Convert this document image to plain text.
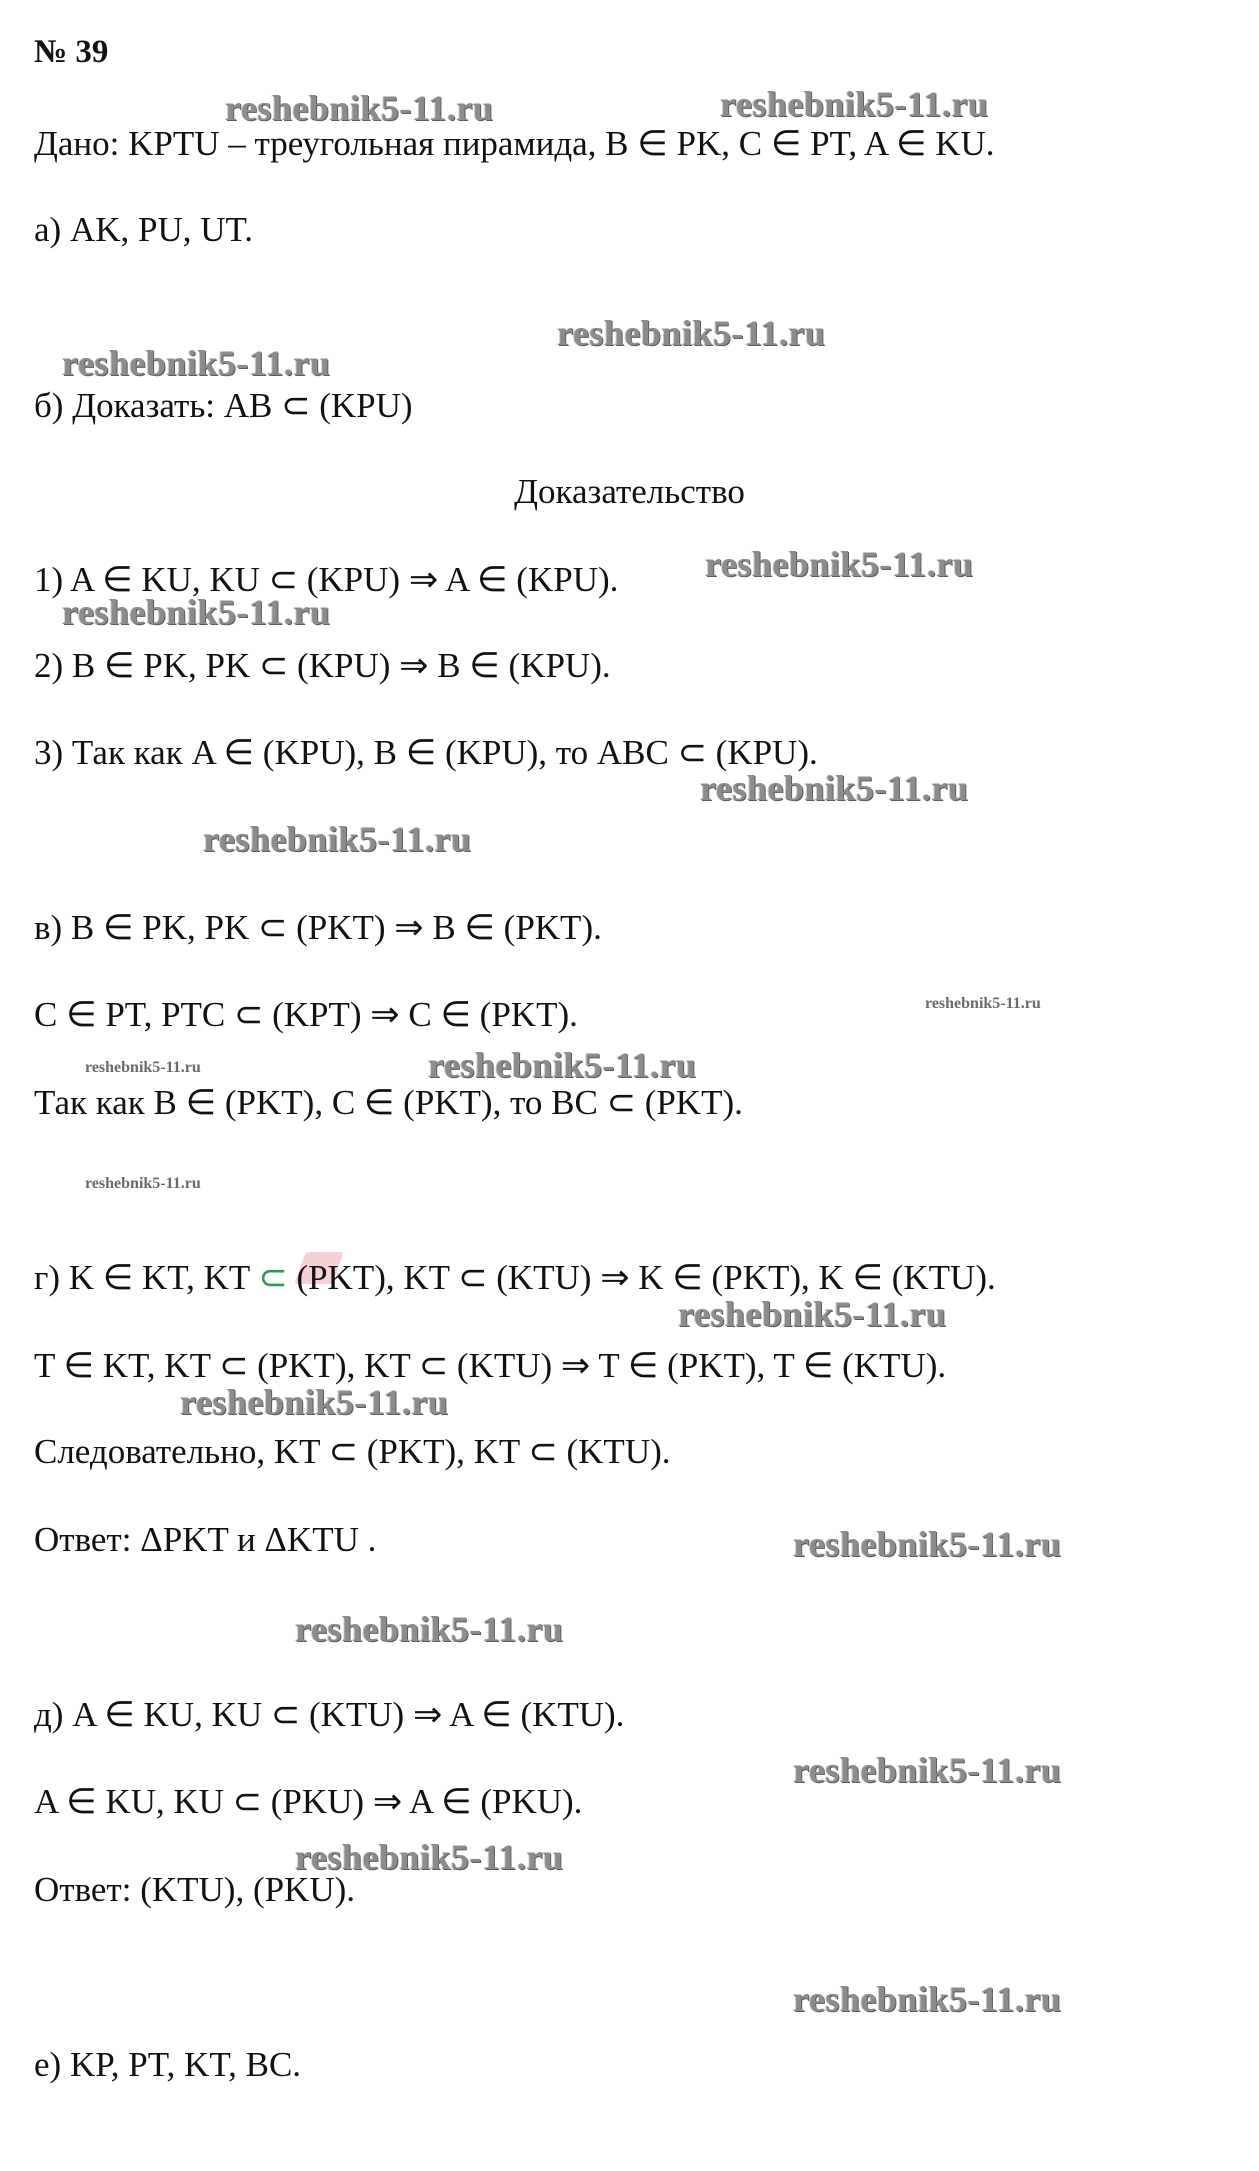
№ 39

Дано: KPTU – треугольная пирамида, B ∈ PK, C ∈ PT, A ∈ KU.

а) AK, PU, UT.

б) Доказать: AB ⊂ (KPU)

Доказательство

1) A ∈ KU, KU ⊂ (KPU) ⇒ A ∈ (KPU).

2) B ∈ PK, PK ⊂ (KPU) ⇒ B ∈ (KPU).

3) Так как A ∈ (KPU), B ∈ (KPU), то ABC ⊂ (KPU).

в) B ∈ PK, PK ⊂ (PKT) ⇒ B ∈ (PKT).

C ∈ PT, PTC ⊂ (KPT) ⇒ C ∈ (PKT).

Так как B ∈ (PKT), C ∈ (PKT), то BC ⊂ (PKT).

г) K ∈ KT, KT ⊂ (PKT), KT ⊂ (KTU) ⇒ K ∈ (PKT), K ∈ (KTU).

T ∈ KT, KT ⊂ (PKT), KT ⊂ (KTU) ⇒ T ∈ (PKT), T ∈ (KTU).

Следовательно, KT ⊂ (PKT), KT ⊂ (KTU).

Ответ: ΔPKT и ΔKTU .

д) A ∈ KU, KU ⊂ (KTU) ⇒ A ∈ (KTU).

A ∈ KU, KU ⊂ (PKU) ⇒ A ∈ (PKU).

Ответ: (KTU), (PKU).

е) KP, PT, KT, BC.

reshebnik5-11.ru	reshebnik5-11.ru

reshebnik5-11.ru

reshebnik5-11.ru

reshebnik5-11.ru

reshebnik5-11.ru

reshebnik5-11.ru

reshebnik5-11.ru

reshebnik5-11.ru

reshebnik5-11.ru

reshebnik5-11.ru

reshebnik5-11.ru

reshebnik5-11.ru

reshebnik5-11.ru

reshebnik5-11.ru

reshebnik5-11.ru

reshebnik5-11.ru

reshebnik5-11.ru

reshebnik5-11.ru
